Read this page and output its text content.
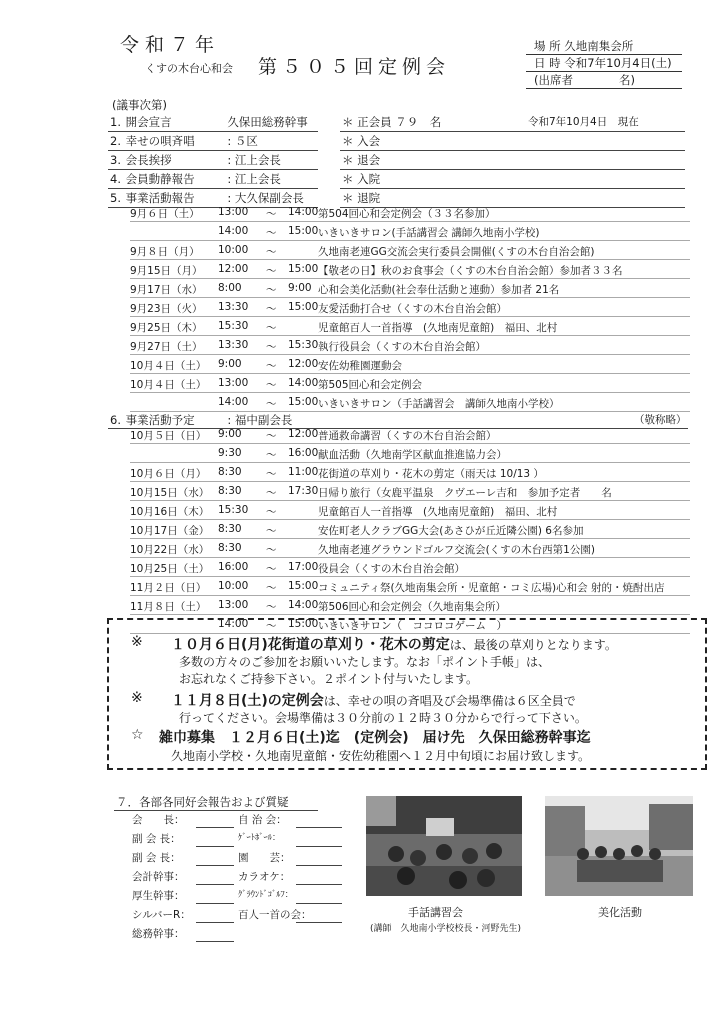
令和７年
くすの木台心和会 第５０５回定例会
場 所 久地南集会所
日 時 令和7年10月4日(土)
(出席者　　　　名)
(議事次第)
1. 開会宣言	久保田総務幹事
2. 幸せの唄斉唱	: ５区
3. 会長挨拶	: 江上会長
4. 会員動静報告	: 江上会長
5. 事業活動報告	: 大久保副会長
＊ 正会員 ７９　名	令和7年10月4日　現在
＊ 入会
＊ 退会
＊ 入院
＊ 退院
9月６日（土） 13:00 ～ 14:00 第504回心和会定例会（３３名参加）
14:00 ～ 15:00 いきいきサロン(手話講習会 講師久地南小学校)
9月８日（月） 10:00 ～	久地南老連GG交流会実行委員会開催(くすの木台自治会館)
9月15日（月） 12:00 ～ 15:00 【敬老の日】秋のお食事会（くすの木台自治会館）参加者３３名
9月17日（水） 8:00 ～ 9:00 心和会美化活動(社会奉仕活動と連動）参加者 21名
9月23日（火） 13:30 ～ 15:00 友愛活動打合せ（くすの木台自治会館）
9月25日（木） 15:30 ～	児童館百人一首指導　(久地南児童館)　福田、北村
9月27日（土） 13:30 ～ 15:30 執行役員会（くすの木台自治会館）
10月４日（土） 9:00 ～ 12:00 安佐幼稚園運動会
10月４日（土） 13:00 ～ 14:00 第505回心和会定例会
14:00 ～ 15:00 いきいきサロン（手話講習会　講師久地南小学校）
6. 事業活動予定	: 福中副会長	（敬称略）
10月５日（日） 9:00 ～ 12:00 普通救命講習（くすの木台自治会館）
9:30 ～ 16:00 献血活動（久地南学区献血推進協力会）
10月６日（月） 8:30 ～ 11:00 花街道の草刈り・花木の剪定（雨天は 10/13 ）
10月15日（水） 8:30 ～ 17:30 日帰り旅行（女鹿平温泉　クヴエーレ吉和　参加予定者　　名
10月16日（木） 15:30 ～	児童館百人一首指導　(久地南児童館)　福田、北村
10月17日（金） 8:30 ～	安佐町老人クラブGG大会(あさひが丘近隣公園) 6名参加
10月22日（水） 8:30 ～	久地南老連グラウンドゴルフ交流会(くすの木台西第1公園)
10月25日（土） 16:00 ～ 17:00 役員会（くすの木台自治会館）
11月２日（日） 10:00 ～ 15:00 コミュニティ祭(久地南集会所・児童館・コミ広場)心和会 射的・焼酎出店
11月８日（土） 13:00 ～ 14:00 第506回心和会定例会（久地南集会所）
14:00 ～ 15:00 いきいきサロン（　ココロコゲーム　）
※ １０月６日(月)花街道の草刈り・花木の剪定は、最後の草刈りとなります。
多数の方々のご参加をお願いいたします。なお「ポイント手帳」は、
お忘れなくご持参下さい。２ポイント付与いたします。
※ １１月８日(土)の定例会は、幸せの唄の斉唱及び会場準備は６区全員で
行ってください。会場準備は３０分前の１２時３０分からで行って下さい。
☆ 雑巾募集　１２月６日(土)迄　(定例会)　届け先　久保田総務幹事迄
久地南小学校・久地南児童館・安佐幼稚園へ１２月中旬頃にお届け致します。
７．各部各同好会報告および質疑
会　　長：
副 会 長：
副 会 長：
会計幹事：
厚生幹事：
シルバーR：
総務幹事：
自 治 会：
ｹﾞｰﾄﾎﾞｰﾙ：
園　　芸：
カラオケ：
ｸﾞﾗｳﾝﾄﾞｺﾞﾙﾌ：
百人一首の会：	手話講習会
(講師　久地南小学校校長・河野先生)
美化活動
